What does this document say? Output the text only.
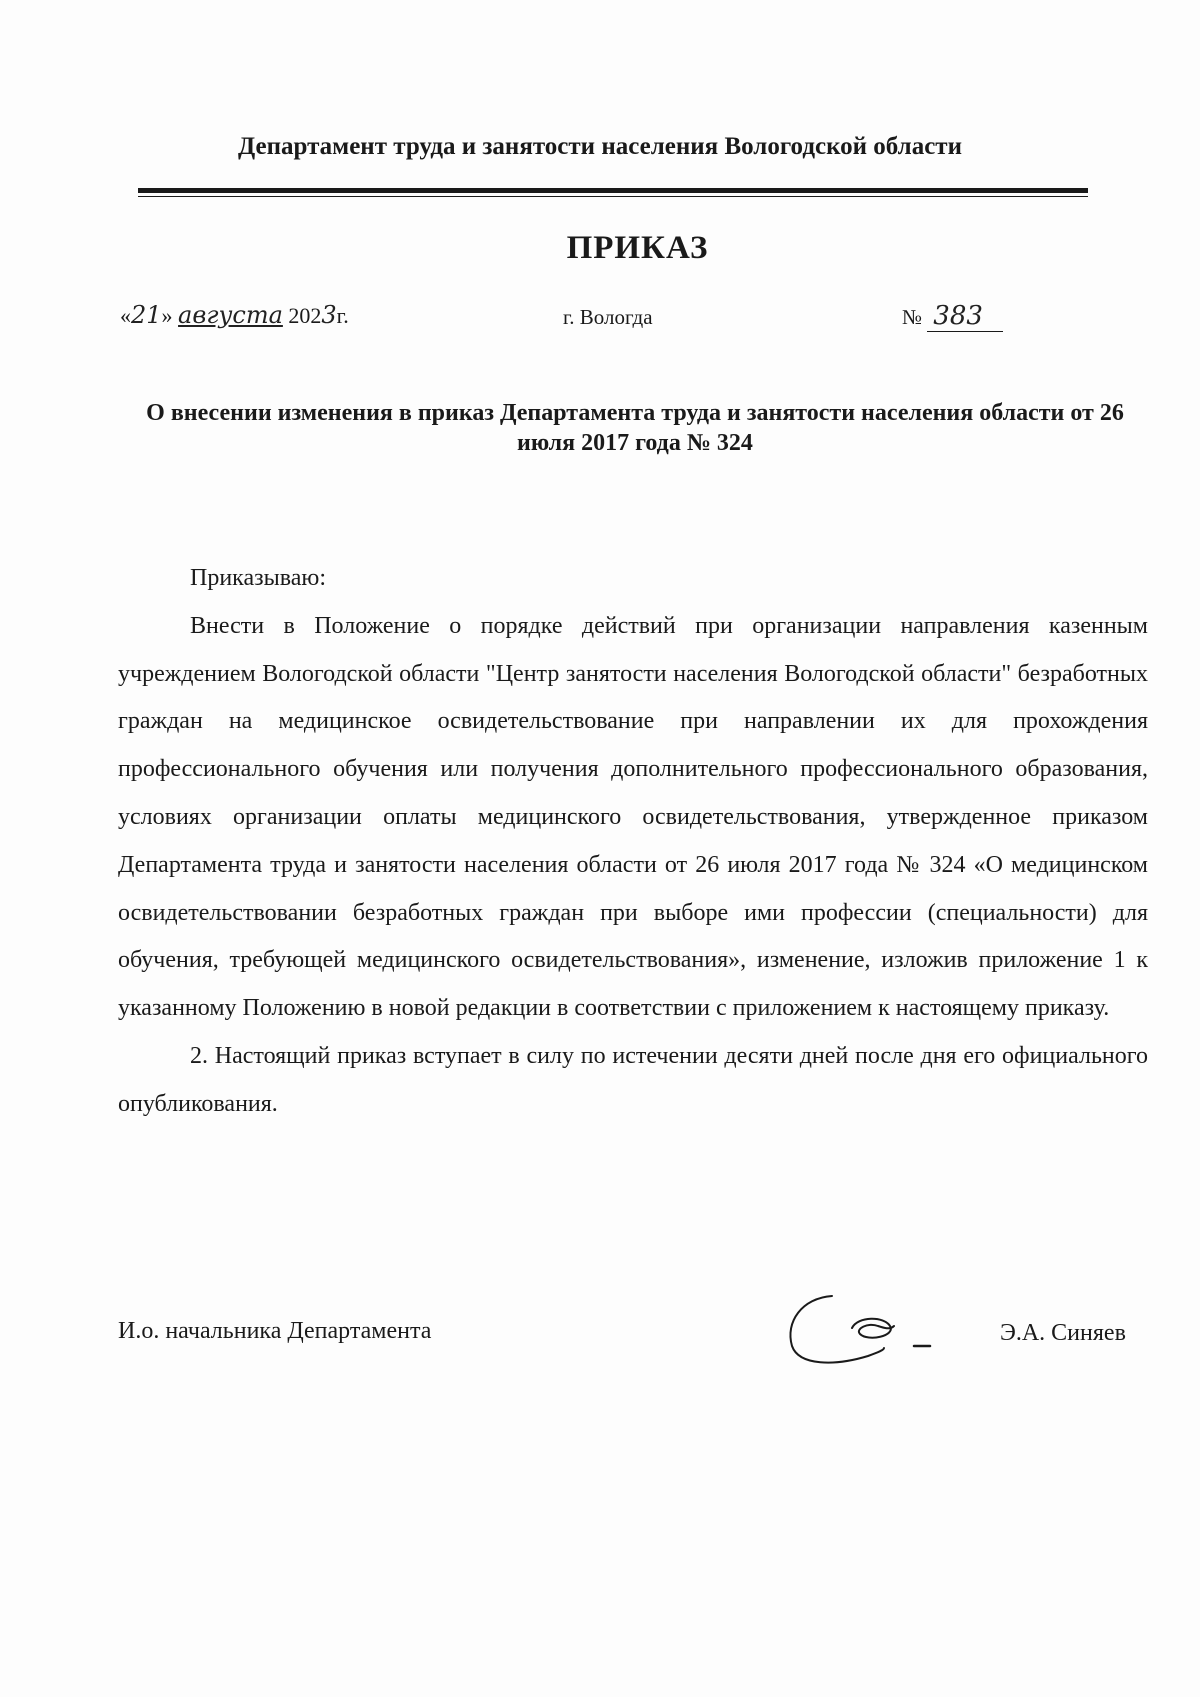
Департамент труда и занятости населения Вологодской области
ПРИКАЗ
«21» августа 2023г.	г. Вологда	№ 383
О внесении изменения в приказ Департамента труда и занятости населения области от 26 июля 2017 года № 324

Приказываю:

Внести в Положение о порядке действий при организации направления казенным учреждением Вологодской области "Центр занятости населения Вологодской области" безработных граждан на медицинское освидетельствование при направлении их для прохождения профессионального обучения или получения дополнительного профессионального образования, условиях организации оплаты медицинского освидетельствования, утвержденное приказом Департамента труда и занятости населения области от 26 июля 2017 года № 324 «О медицинском освидетельствовании безработных граждан при выборе ими профессии (специальности) для обучения, требующей медицинского освидетельствования», изменение, изложив приложение 1 к указанному Положению в новой редакции в соответствии с приложением к настоящему приказу.

2. Настоящий приказ вступает в силу по истечении десяти дней после дня его официального опубликования.

И.о. начальника Департамента	Э.А. Синяев
